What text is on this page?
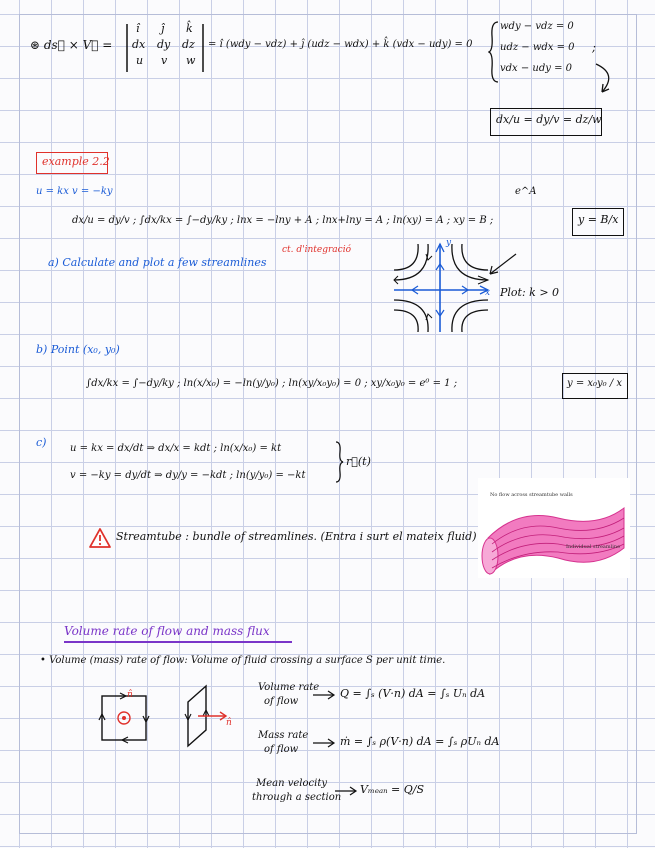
⊛ ds⃗ × V⃗ =
î ĵ k̂
dx dy dz
u v w
= î (wdy − vdz) + ĵ (udz − wdx) + k̂ (vdx − udy) = 0
wdy − vdz = 0
udz − wdx = 0
vdx − udy = 0
;
dx/u = dy/v = dz/w
example 2.2
u = kx v = −ky
dx/u = dy/v ; ∫dx/kx = ∫−dy/ky ; lnx = −lny + A ; lnx+lny = A ; ln(xy) = A ; xy = B ;
e^A
y = B/x
ct. d'integració
a) Calculate and plot a few streamlines
y
x Plot: k > 0
b) Point (x₀, y₀)
∫dx/kx = ∫−dy/ky ; ln(x/x₀) = −ln(y/y₀) ; ln(xy/x₀y₀) = 0 ; xy/x₀y₀ = e⁰ = 1 ;	y = x₀y₀ / x
c) u = kx = dx/dt ⇒ dx/x = kdt ; ln(x/x₀) = kt
v = −ky = dy/dt ⇒ dy/y = −kdt ; ln(y/y₀) = −kt
r⃗(t)
Streamtube : bundle of streamlines. (Entra i surt el mateix fluid)
No flow across streamtube walls
Individual streamline
Volume rate of flow and mass flux
• Volume (mass) rate of flow: Volume of fluid crossing a surface S per unit time.
n̂
n̂
Volume rate
of flow
Q = ∫ₛ (V·n) dA = ∫ₛ Uₙ dA
Mass rate
of flow
ṁ = ∫ₛ ρ(V·n) dA = ∫ₛ ρUₙ dA
Mean velocity
through a section
Vₘₑₐₙ = Q/S
